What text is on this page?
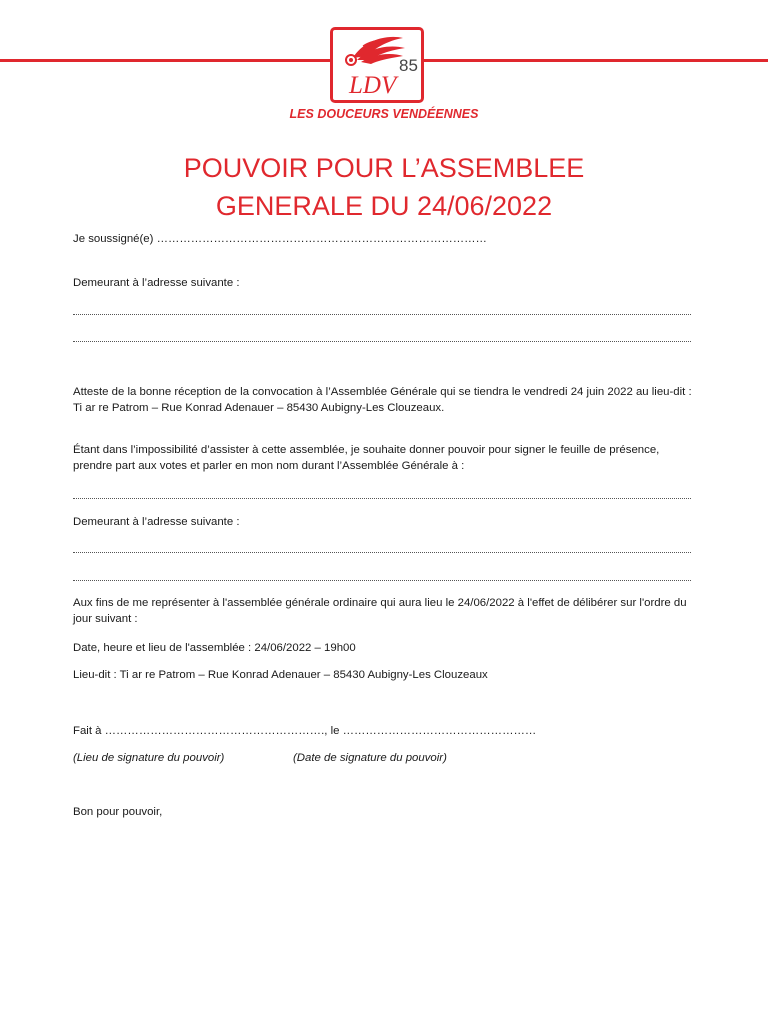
85
LDV
LES DOUCEURS VENDÉENNES
POUVOIR POUR L’ASSEMBLEE
GENERALE DU 24/06/2022
Je soussigné(e) ……………………………………………………………………………
Demeurant à l’adresse suivante :
Atteste de la bonne réception de la convocation à l’Assemblée Générale qui se tiendra le vendredi 24 juin 2022 au lieu-dit : Ti ar re Patrom – Rue Konrad Adenauer – 85430 Aubigny-Les Clouzeaux.
Étant dans l’impossibilité d’assister à cette assemblée, je souhaite donner pouvoir pour signer le feuille de présence, prendre part aux votes et parler en mon nom durant l’Assemblée Générale à :
Demeurant à l’adresse suivante :
Aux fins de me représenter à l'assemblée générale ordinaire qui aura lieu le 24/06/2022 à l'effet de délibérer sur l'ordre du jour suivant :
Date, heure et lieu de l'assemblée : 24/06/2022 – 19h00
Lieu-dit : Ti ar re Patrom – Rue Konrad Adenauer – 85430 Aubigny-Les Clouzeaux
Fait à …………………………………………………., le ……………………………………………
(Lieu de signature du pouvoir)	(Date de signature du pouvoir)
Bon pour pouvoir,
